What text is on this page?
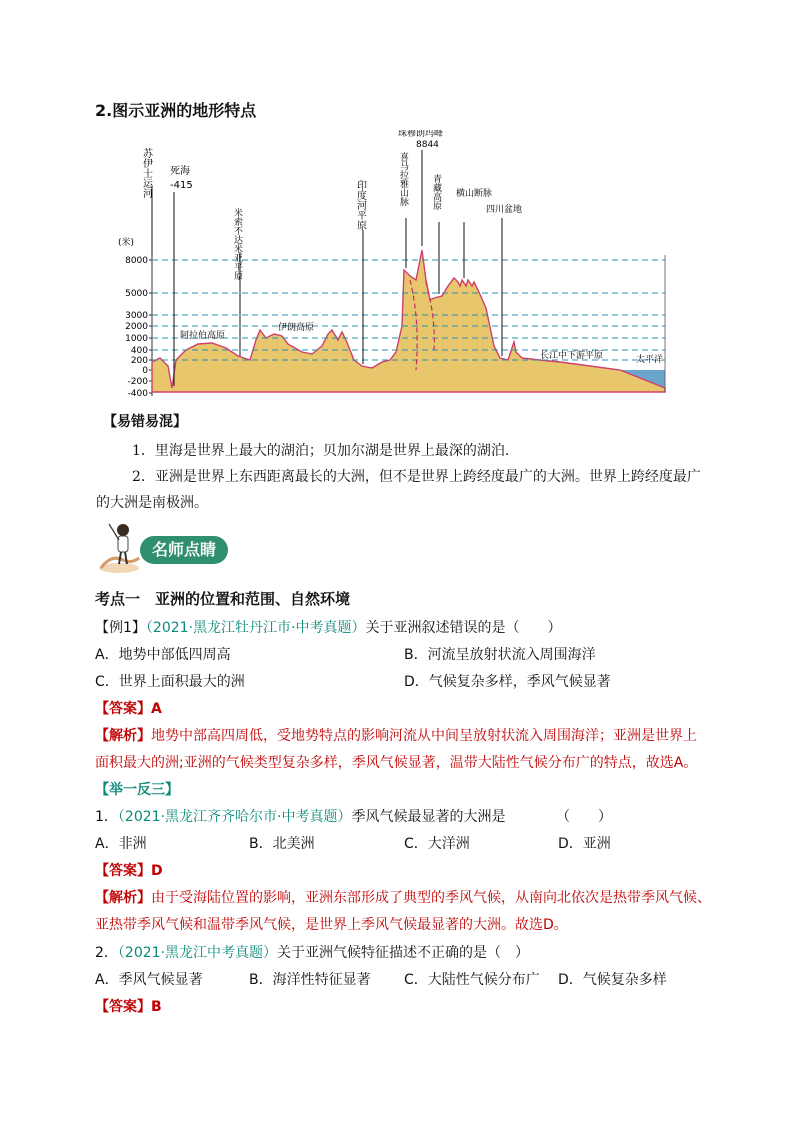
2.图示亚洲的地形特点
(米)
8000
5000
3000
2000
1000
400
200
0
-200
-400
苏伊士运河 死海
-415
米索不达米亚平原
阿拉伯高原
伊朗高原
印度河平原
珠穆朗玛峰
8844
喜马拉雅山脉	青藏高原 横山断脉
四川盆地
长江中下游平原	太平洋
【易错易混】
1．里海是世界上最大的湖泊；贝加尔湖是世界上最深的湖泊.
2．亚洲是世界上东西距离最长的大洲，但不是世界上跨经度最广的大洲。世界上跨经度最广
的大洲是南极洲。
名师点睛
考点一　亚洲的位置和范围、自然环境
【例1】（2021·黑龙江牡丹江市·中考真题）关于亚洲叙述错误的是（　　）
A．地势中部低四周高	B．河流呈放射状流入周围海洋
C．世界上面积最大的洲	D．气候复杂多样，季风气候显著
【答案】A
【解析】地势中部高四周低，受地势特点的影响河流从中间呈放射状流入周围海洋；亚洲是世界上
面积最大的洲;亚洲的气候类型复杂多样，季风气候显著，温带大陆性气候分布广的特点，故选A。
【举一反三】
1．（2021·黑龙江齐齐哈尔市·中考真题）季风气候最显著的大洲是	（　　）
A．非洲	B．北美洲	C．大洋洲	D．亚洲
【答案】D
【解析】由于受海陆位置的影响，亚洲东部形成了典型的季风气候，从南向北依次是热带季风气候、
亚热带季风气候和温带季风气候，是世界上季风气候最显著的大洲。故选D。
2．（2021·黑龙江中考真题）关于亚洲气候特征描述不正确的是（　）
A．季风气候显著	B．海洋性特征显著 C．大陆性气候分布广 D．气候复杂多样
【答案】B
